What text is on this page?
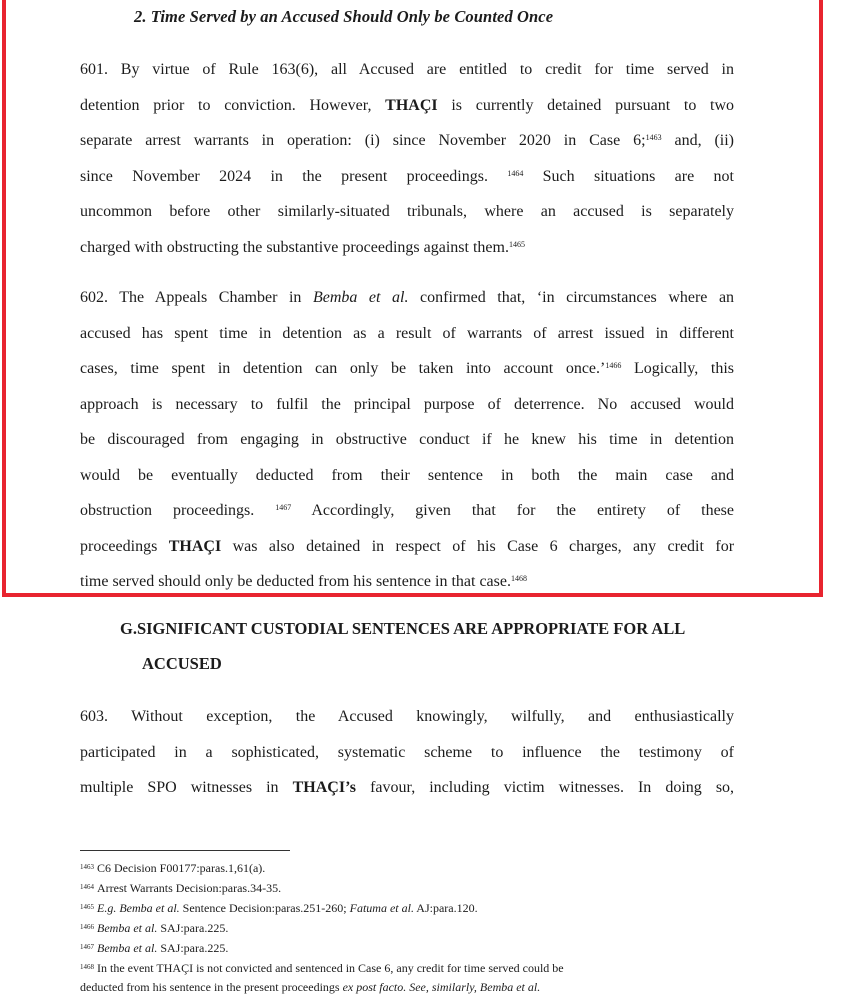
2. Time Served by an Accused Should Only be Counted Once
601. By virtue of Rule 163(6), all Accused are entitled to credit for time served in
detention prior to conviction. However, THAÇI is currently detained pursuant to two
separate arrest warrants in operation: (i) since November 2020 in Case 6;$^{1463}$ and, (ii)
since November 2024 in the present proceedings. $^{1464}$ Such situations are not
uncommon before other similarly-situated tribunals, where an accused is separately
charged with obstructing the substantive proceedings against them.$^{1465}$
602. The Appeals Chamber in Bemba et al. confirmed that, ‘in circumstances where an
accused has spent time in detention as a result of warrants of arrest issued in different
cases, time spent in detention can only be taken into account once.’$^{1466}$ Logically, this
approach is necessary to fulfil the principal purpose of deterrence. No accused would
be discouraged from engaging in obstructive conduct if he knew his time in detention
would be eventually deducted from their sentence in both the main case and
obstruction proceedings.	$^{1467}$ Accordingly, given that for the entirety of these
proceedings THAÇI was also detained in respect of his Case 6 charges, any credit for
time served should only be deducted from his sentence in that case.$^{1468}$
G.SIGNIFICANT CUSTODIAL SENTENCES ARE APPROPRIATE FOR ALL
ACCUSED
603. Without exception, the Accused knowingly, wilfully, and enthusiastically
participated in a sophisticated, systematic scheme to influence the testimony of
multiple SPO witnesses in THAÇI’s favour, including victim witnesses. In doing so,
$^{1463}$ C6 Decision F00177:paras.1,61(a).
$^{1464}$ Arrest Warrants Decision:paras.34-35.
$^{1465}$ E.g. Bemba et al. Sentence Decision:paras.251-260; Fatuma et al. AJ:para.120.
$^{1466}$ Bemba et al. SAJ:para.225.
$^{1467}$ Bemba et al. SAJ:para.225.
$^{1468}$ In the event THAÇI is not convicted and sentenced in Case 6, any credit for time served could be
deducted from his sentence in the present proceedings ex post facto. See, similarly, Bemba et al.
